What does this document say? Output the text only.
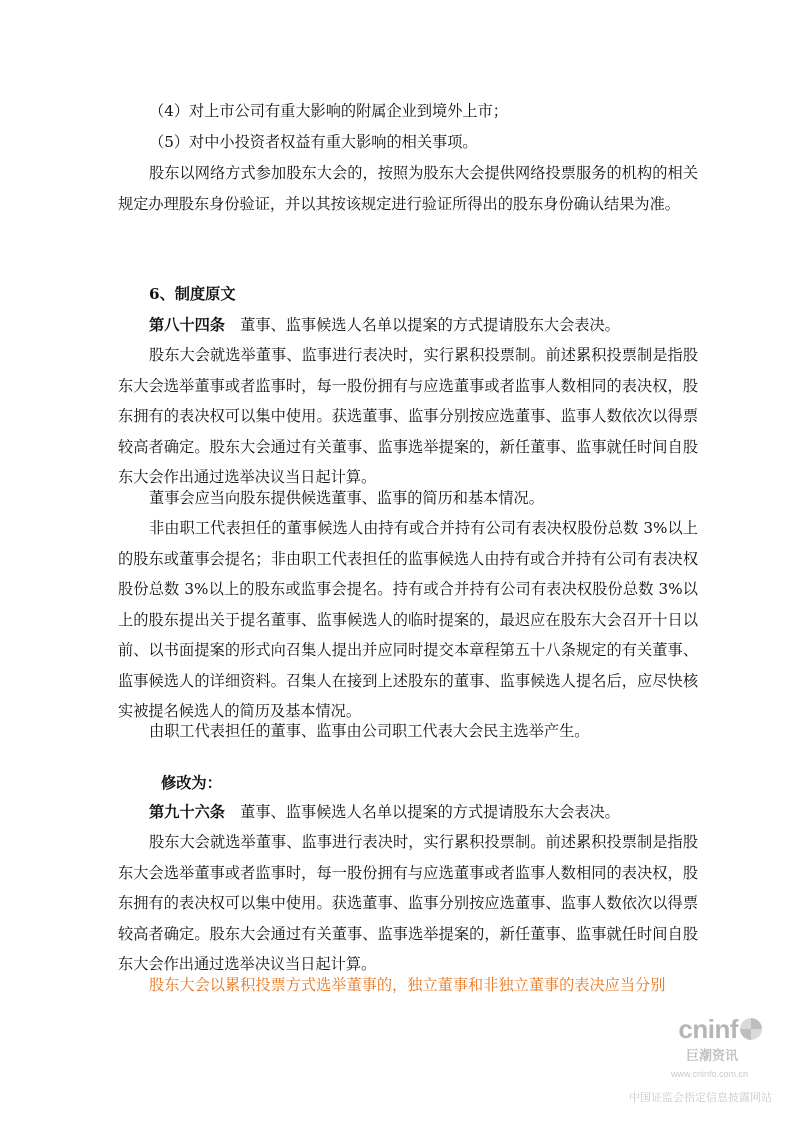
（4）对上市公司有重大影响的附属企业到境外上市；

（5）对中小投资者权益有重大影响的相关事项。

股东以网络方式参加股东大会的，按照为股东大会提供网络投票服务的机构的相关规定办理股东身份验证，并以其按该规定进行验证所得出的股东身份确认结果为准。

6、制度原文

第八十四条　董事、监事候选人名单以提案的方式提请股东大会表决。

股东大会就选举董事、监事进行表决时，实行累积投票制。前述累积投票制是指股东大会选举董事或者监事时，每一股份拥有与应选董事或者监事人数相同的表决权，股东拥有的表决权可以集中使用。获选董事、监事分别按应选董事、监事人数依次以得票较高者确定。股东大会通过有关董事、监事选举提案的，新任董事、监事就任时间自股东大会作出通过选举决议当日起计算。

董事会应当向股东提供候选董事、监事的简历和基本情况。

非由职工代表担任的董事候选人由持有或合并持有公司有表决权股份总数 3%以上的股东或董事会提名；非由职工代表担任的监事候选人由持有或合并持有公司有表决权股份总数 3%以上的股东或监事会提名。持有或合并持有公司有表决权股份总数 3%以上的股东提出关于提名董事、监事候选人的临时提案的，最迟应在股东大会召开十日以前、以书面提案的形式向召集人提出并应同时提交本章程第五十八条规定的有关董事、监事候选人的详细资料。召集人在接到上述股东的董事、监事候选人提名后，应尽快核实被提名候选人的简历及基本情况。

由职工代表担任的董事、监事由公司职工代表大会民主选举产生。

修改为：

第九十六条　董事、监事候选人名单以提案的方式提请股东大会表决。

股东大会就选举董事、监事进行表决时，实行累积投票制。前述累积投票制是指股东大会选举董事或者监事时，每一股份拥有与应选董事或者监事人数相同的表决权，股东拥有的表决权可以集中使用。获选董事、监事分别按应选董事、监事人数依次以得票较高者确定。股东大会通过有关董事、监事选举提案的，新任董事、监事就任时间自股东大会作出通过选举决议当日起计算。

股东大会以累积投票方式选举董事的，独立董事和非独立董事的表决应当分别

cninf
巨潮资讯
www.cninfo.com.cn
中国证监会指定信息披露网站
